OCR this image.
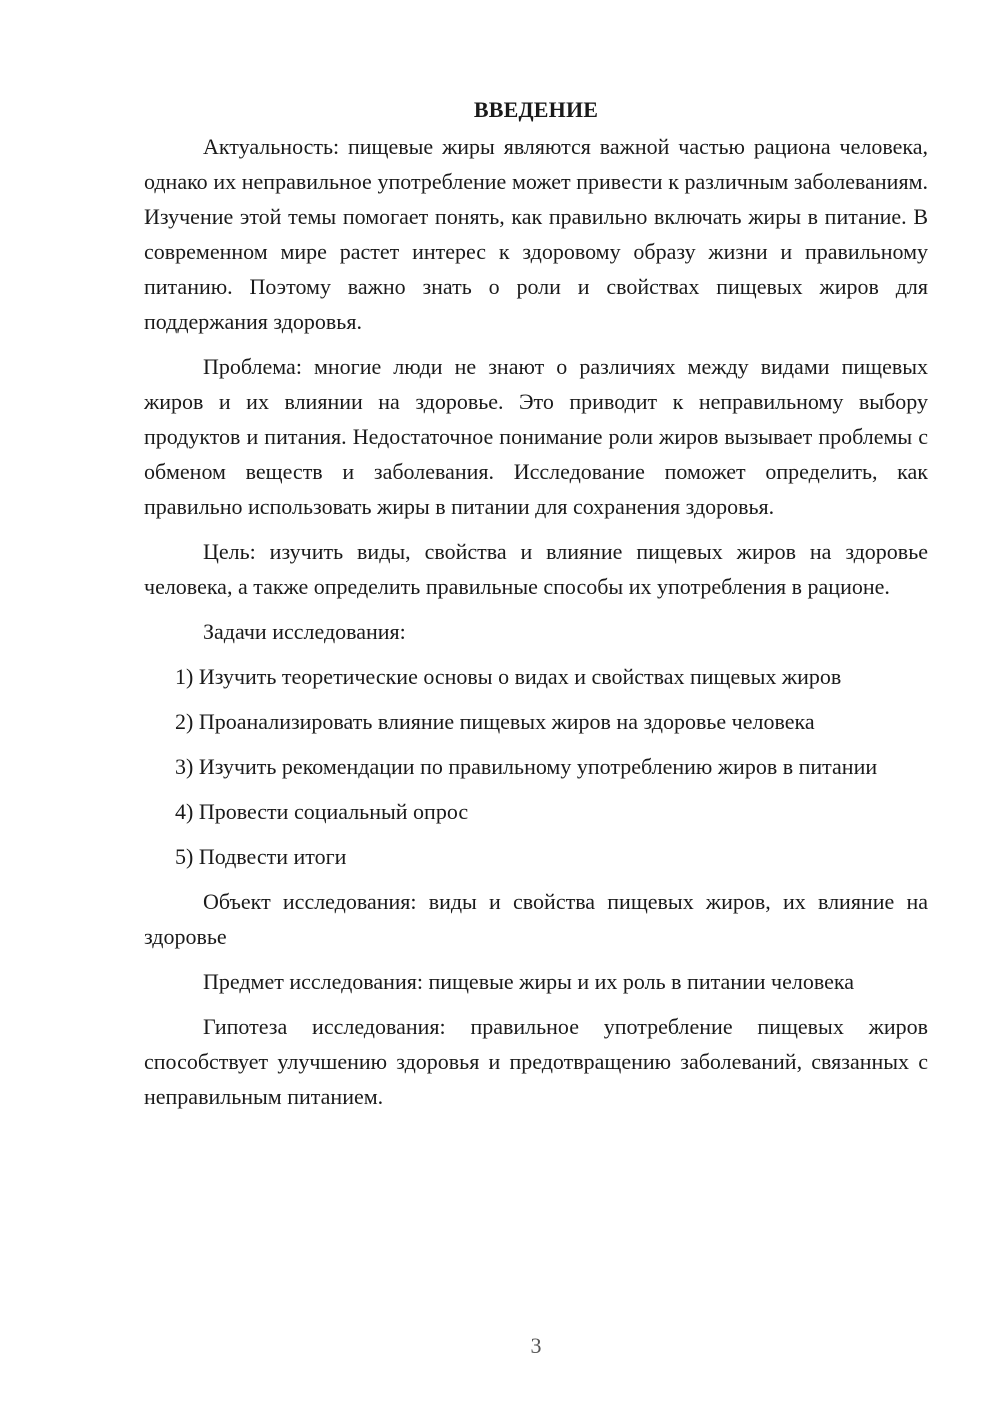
ВВЕДЕНИЕ

Актуальность: пищевые жиры являются важной частью рациона человека, однако их неправильное употребление может привести к различным заболеваниям. Изучение этой темы помогает понять, как правильно включать жиры в питание. В современном мире растет интерес к здоровому образу жизни и правильному питанию. Поэтому важно знать о роли и свойствах пищевых жиров для поддержания здоровья.

Проблема: многие люди не знают о различиях между видами пищевых жиров и их влиянии на здоровье. Это приводит к неправильному выбору продуктов и питания. Недостаточное понимание роли жиров вызывает проблемы с обменом веществ и заболевания. Исследование поможет определить, как правильно использовать жиры в питании для сохранения здоровья.

Цель: изучить виды, свойства и влияние пищевых жиров на здоровье человека, а также определить правильные способы их употребления в рационе.

Задачи исследования:

1) Изучить теоретические основы о видах и свойствах пищевых жиров

2) Проанализировать влияние пищевых жиров на здоровье человека

3) Изучить рекомендации по правильному употреблению жиров в питании

4) Провести социальный опрос

5) Подвести итоги

Объект исследования: виды и свойства пищевых жиров, их влияние на здоровье

Предмет исследования: пищевые жиры и их роль в питании человека

Гипотеза исследования: правильное употребление пищевых жиров способствует улучшению здоровья и предотвращению заболеваний, связанных с неправильным питанием.

3
